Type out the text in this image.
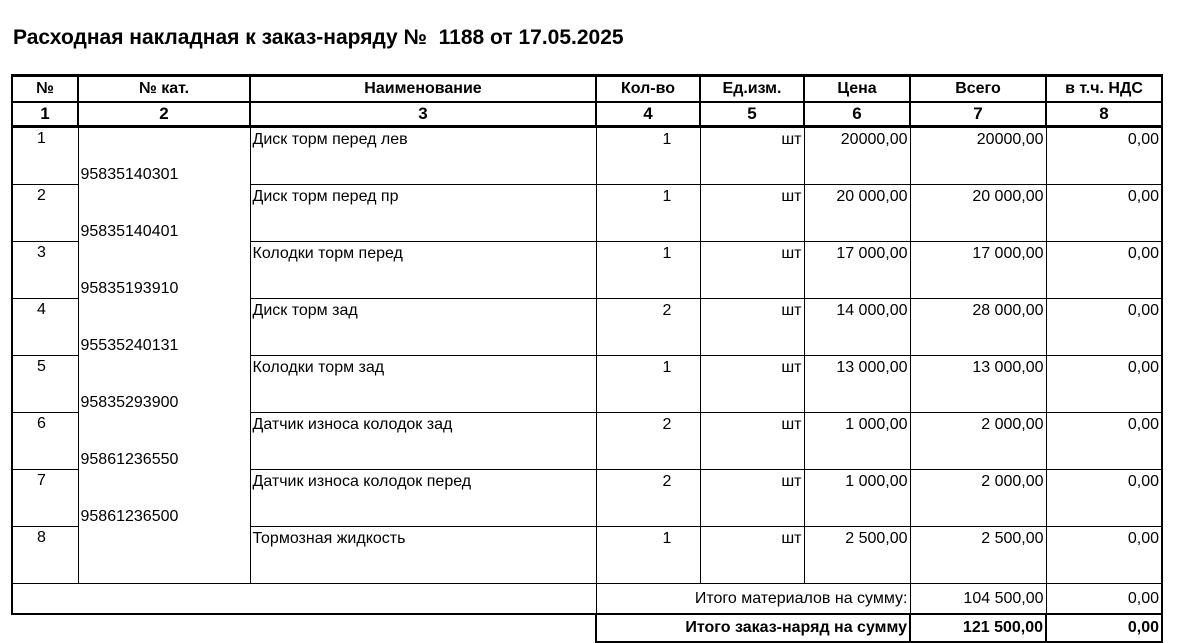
Расходная накладная к заказ-наряду №  1188 от 17.05.2025
№	№ кат.	Наименование	Кол-во	Ед.изм.	Цена	Всего	в т.ч. НДС
1	2	3	4	5	6	7	8
1	95835140301	Диск торм перед лев	1	шт	20000,00	20000,00	0,00
2	95835140401	Диск торм перед пр	1	шт	20 000,00	20 000,00	0,00
3	95835193910	Колодки торм перед	1	шт	17 000,00	17 000,00	0,00
4	95535240131	Диск торм зад	2	шт	14 000,00	28 000,00	0,00
5	95835293900	Колодки торм зад	1	шт	13 000,00	13 000,00	0,00
6	95861236550	Датчик износа колодок зад	2	шт	1 000,00	2 000,00	0,00
7	95861236500	Датчик износа колодок перед	2	шт	1 000,00	2 000,00	0,00
8		Тормозная жидкость	1	шт	2 500,00	2 500,00	0,00
			Итого материалов на сумму:			104 500,00	0,00
			Итого заказ-наряд на сумму			121 500,00	0,00
